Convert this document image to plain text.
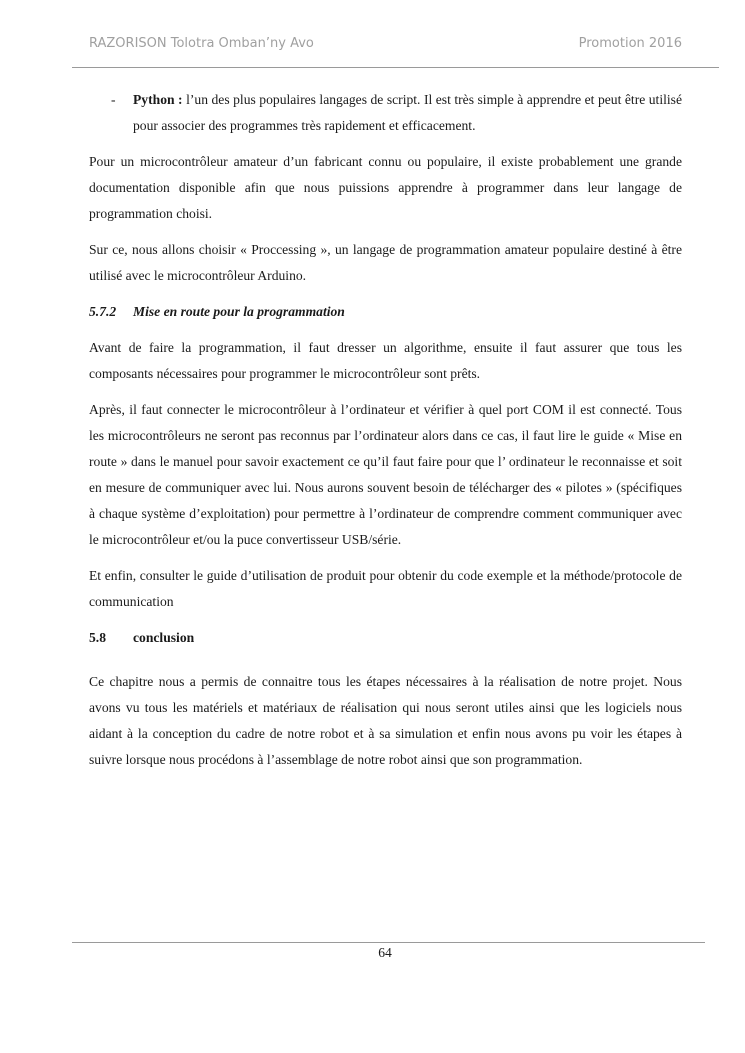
RAZORISON Tolotra Omban’ny Avo	Promotion 2016
- Python : l’un des plus populaires langages de script. Il est très simple à apprendre et peut être utilisé pour associer des programmes très rapidement et efficacement.

Pour un microcontrôleur amateur d’un fabricant connu ou populaire, il existe probablement une grande documentation disponible afin que nous puissions apprendre à programmer dans leur langage de programmation choisi.

Sur ce, nous allons choisir « Proccessing », un langage de programmation amateur populaire destiné à être utilisé avec le microcontrôleur Arduino.

5.7.2 Mise en route pour la programmation

Avant de faire la programmation, il faut dresser un algorithme, ensuite il faut assurer que tous les composants nécessaires pour programmer le microcontrôleur sont prêts.

Après, il faut connecter le microcontrôleur à l’ordinateur et vérifier à quel port COM il est connecté. Tous les microcontrôleurs ne seront pas reconnus par l’ordinateur alors dans ce cas, il faut lire le guide « Mise en route » dans le manuel pour savoir exactement ce qu’il faut faire pour que l’ ordinateur le reconnaisse et soit en mesure de communiquer avec lui. Nous aurons souvent besoin de télécharger des « pilotes » (spécifiques à chaque système d’exploitation) pour permettre à l’ordinateur de comprendre comment communiquer avec le microcontrôleur et/ou la puce convertisseur USB/série.

Et enfin, consulter le guide d’utilisation de produit pour obtenir du code exemple et la méthode/protocole de communication

5.8 conclusion

Ce chapitre nous a permis de connaitre tous les étapes nécessaires à la réalisation de notre projet. Nous avons vu tous les matériels et matériaux de réalisation qui nous seront utiles ainsi que les logiciels nous aidant à la conception du cadre de notre robot et à sa simulation et enfin nous avons pu voir les étapes à suivre lorsque nous procédons à l’assemblage de notre robot ainsi que son programmation.

64
